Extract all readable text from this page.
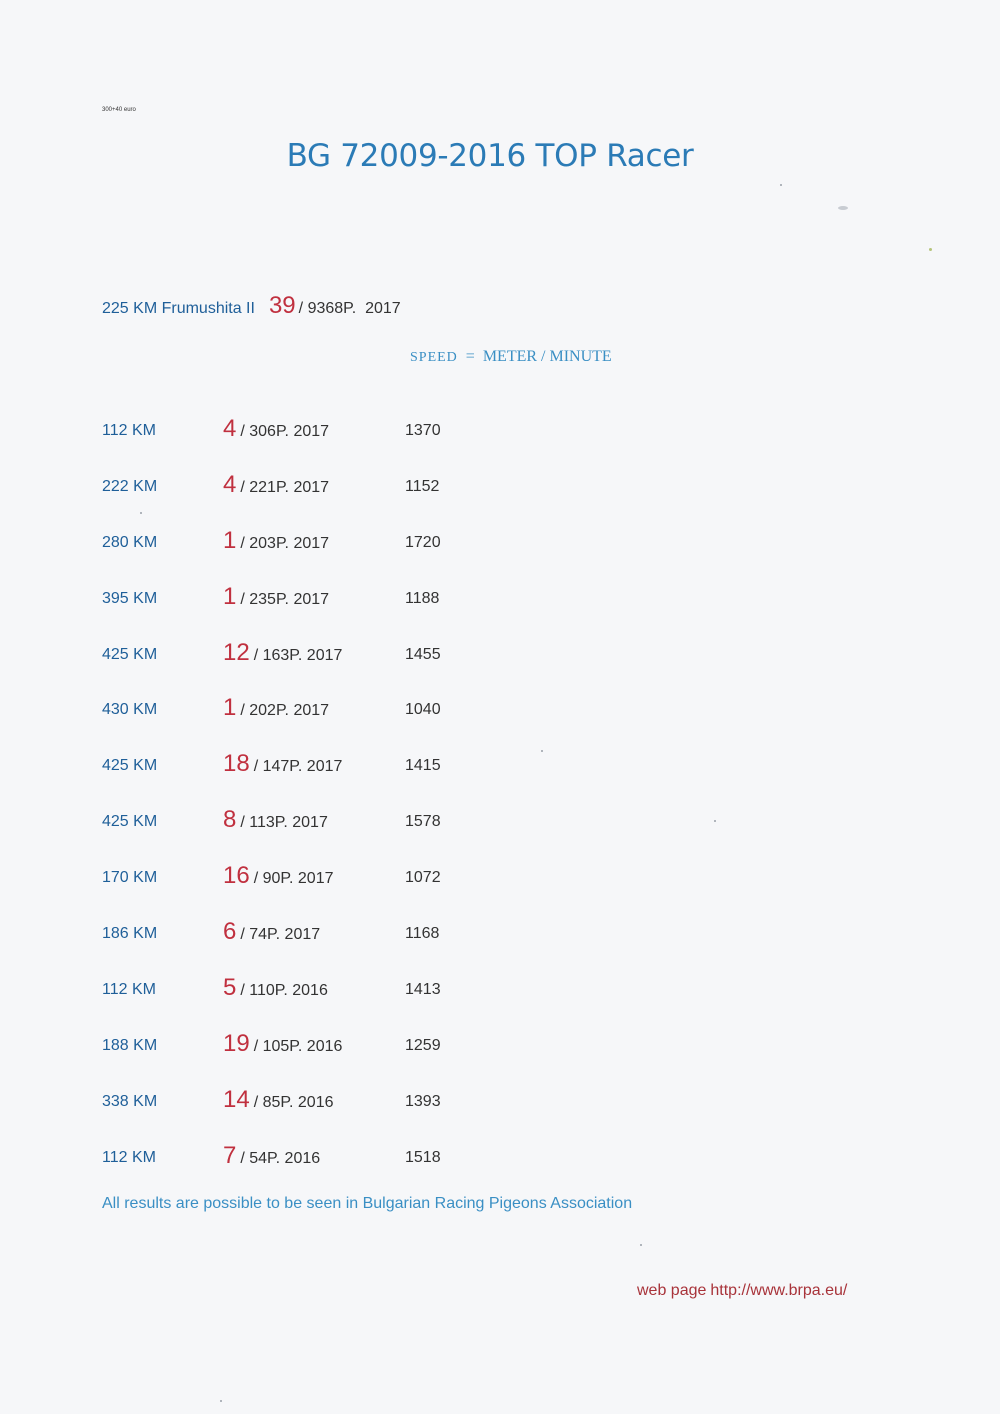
300+40 euro
BG 72009-2016 TOP Racer
225 KM Frumushita II 39 / 9368P. 2017
SPEED = METER / MINUTE
112 KM	4 / 306P. 2017	1370
222 KM	4 / 221P. 2017	1152
280 KM	1 / 203P. 2017	1720
395 KM	1 / 235P. 2017	1188
425 KM	12 / 163P. 2017	1455
430 KM	1 / 202P. 2017	1040
425 KM	18 / 147P. 2017	1415
425 KM	8 / 113P. 2017	1578
170 KM	16 / 90P. 2017	1072
186 KM	6 / 74P. 2017	1168
112 KM	5 / 110P. 2016	1413
188 KM	19 / 105P. 2016	1259
338 KM	14 / 85P. 2016	1393
112 KM	7 / 54P. 2016	1518
All results are possible to be seen in Bulgarian Racing Pigeons Association
web page http://www.brpa.eu/
